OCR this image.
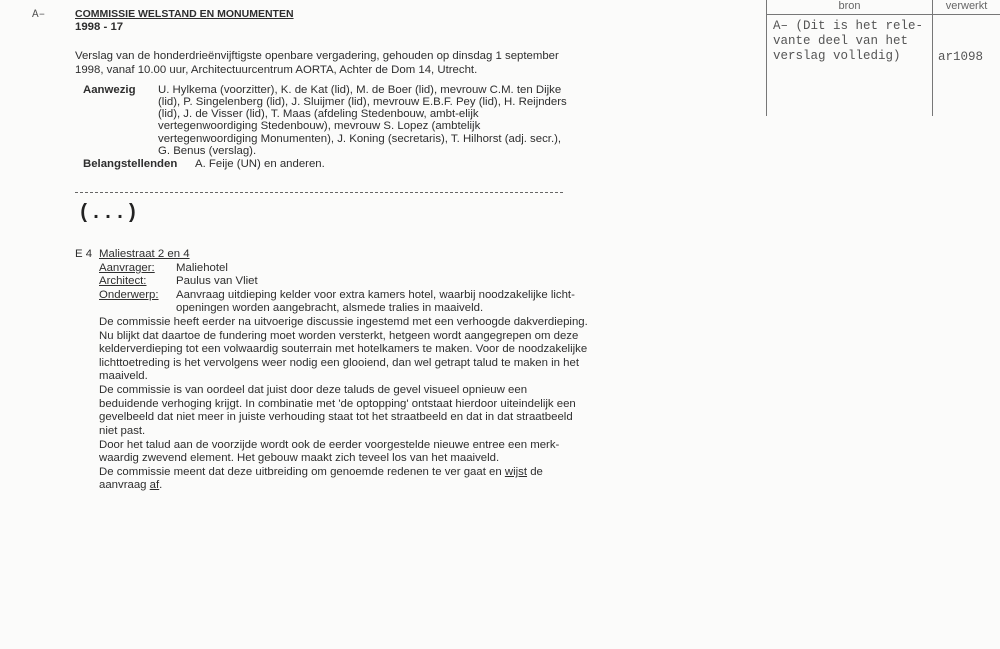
A–	COMMISSIE WELSTAND EN MONUMENTEN
1998 - 17
Verslag van de honderdrieënvijftigste openbare vergadering, gehouden op dinsdag 1 september
1998, vanaf 10.00 uur, Architectuurcentrum AORTA, Achter de Dom 14, Utrecht.
Aanwezig U. Hylkema (voorzitter), K. de Kat (lid), M. de Boer (lid), mevrouw C.M. ten Dijke
(lid), P. Singelenberg (lid), J. Sluijmer (lid), mevrouw E.B.F. Pey (lid), H. Reijnders
(lid), J. de Visser (lid), T. Maas (afdeling Stedenbouw, ambt-elijk
vertegenwoordiging Stedenbouw), mevrouw S. Lopez (ambtelijk
vertegenwoordiging Monumenten), J. Koning (secretaris), T. Hilhorst (adj. secr.),
G. Benus (verslag).
Belangstellenden A. Feije (UN) en anderen.
(...)
E 4 Maliestraat 2 en 4
Aanvrager: Maliehotel
Architect:	Paulus van Vliet
Onderwerp: Aanvraag uitdieping kelder voor extra kamers hotel, waarbij noodzakelijke licht-
openingen worden aangebracht, alsmede tralies in maaiveld.
De commissie heeft eerder na uitvoerige discussie ingestemd met een verhoogde dakverdieping.
Nu blijkt dat daartoe de fundering moet worden versterkt, hetgeen wordt aangegrepen om deze
kelderverdieping tot een volwaardig souterrain met hotelkamers te maken. Voor de noodzakelijke
lichttoetreding is het vervolgens weer nodig een glooiend, dan wel getrapt talud te maken in het
maaiveld.
De commissie is van oordeel dat juist door deze taluds de gevel visueel opnieuw een
beduidende verhoging krijgt. In combinatie met 'de optopping' ontstaat hierdoor uiteindelijk een
gevelbeeld dat niet meer in juiste verhouding staat tot het straatbeeld en dat in dat straatbeeld
niet past.
Door het talud aan de voorzijde wordt ook de eerder voorgestelde nieuwe entree een merk-
waardig zwevend element. Het gebouw maakt zich teveel los van het maaiveld.
De commissie meent dat deze uitbreiding om genoemde redenen te ver gaat en wijst de
aanvraag af.
bron	verwerkt
A– (Dit is het rele-
vante deel van het
verslag volledig)	ar1098
